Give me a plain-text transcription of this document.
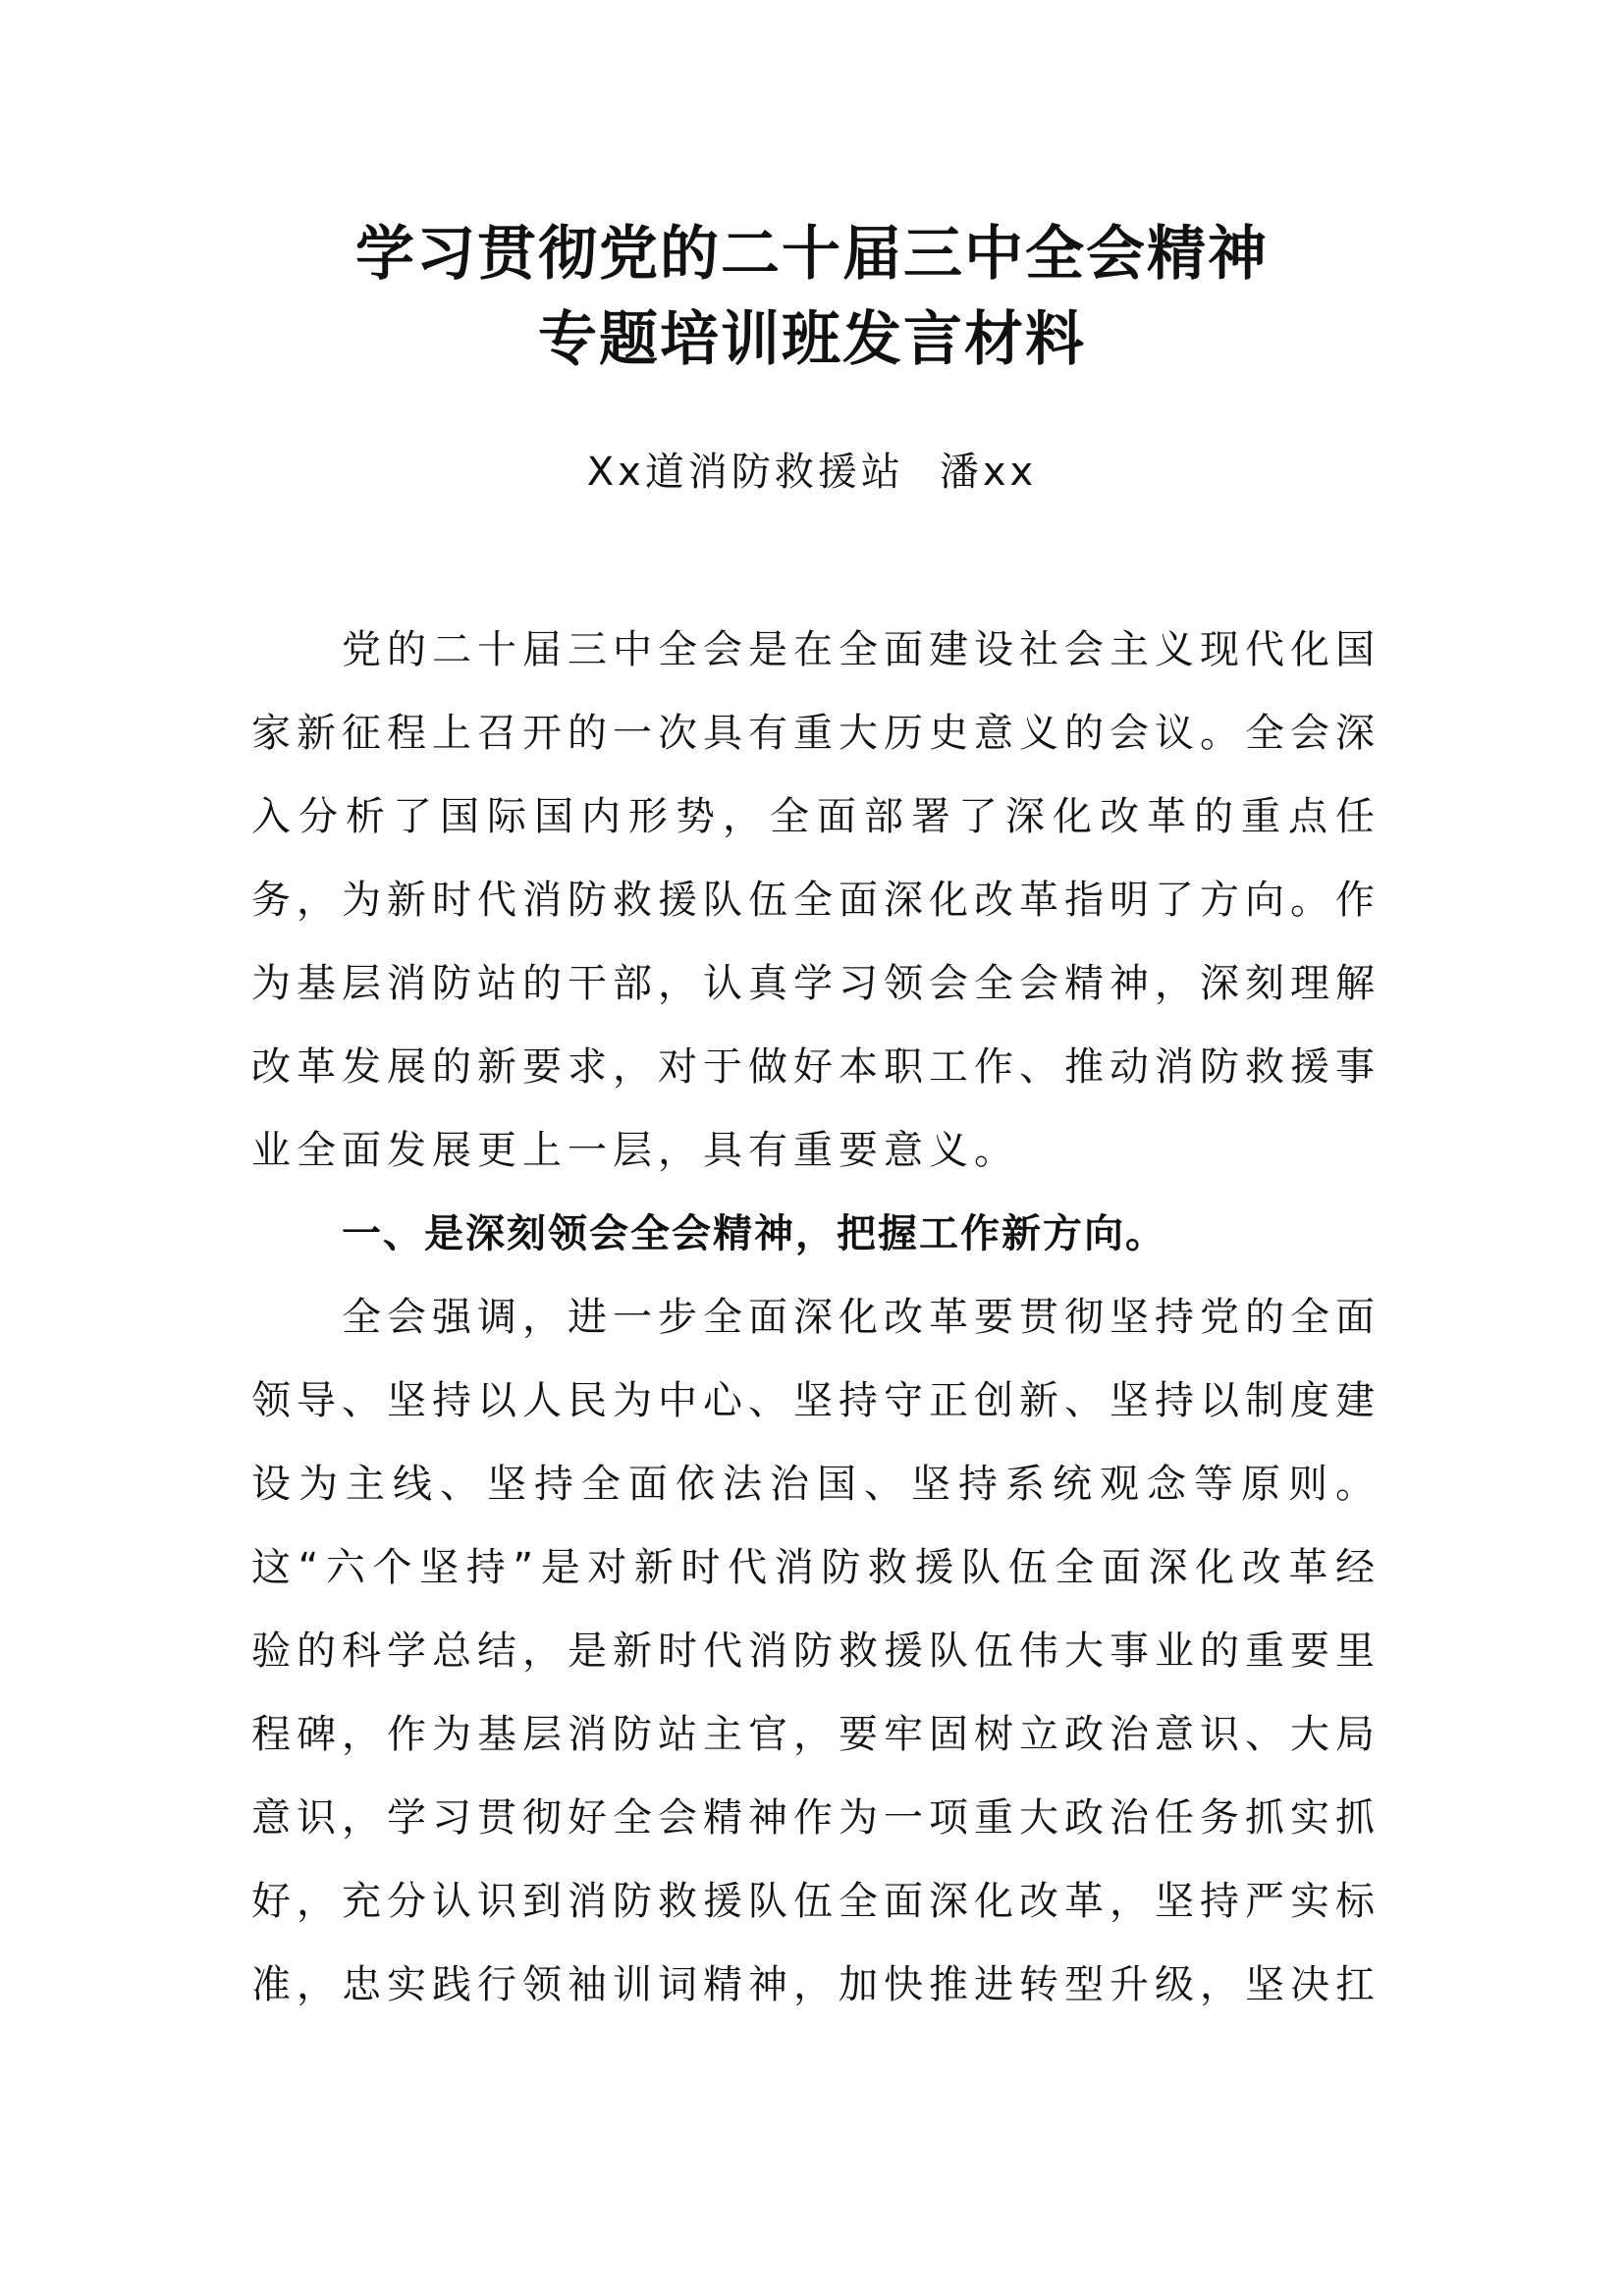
学习贯彻党的二十届三中全会精神
专题培训班发言材料
Xx道消防救援站 潘xx

党的二十届三中全会是在全面建设社会主义现代化国家新征程上召开的一次具有重大历史意义的会议。全会深入分析了国际国内形势，全面部署了深化改革的重点任务，为新时代消防救援队伍全面深化改革指明了方向。作为基层消防站的干部，认真学习领会全会精神，深刻理解改革发展的新要求，对于做好本职工作、推动消防救援事业全面发展更上一层，具有重要意义。

一、是深刻领会全会精神，把握工作新方向。

全会强调，进一步全面深化改革要贯彻坚持党的全面领导、坚持以人民为中心、坚持守正创新、坚持以制度建设为主线、坚持全面依法治国、坚持系统观念等原则。这“六个坚持”是对新时代消防救援队伍全面深化改革经验的科学总结，是新时代消防救援队伍伟大事业的重要里程碑，作为基层消防站主官，要牢固树立政治意识、大局意识，学习贯彻好全会精神作为一项重大政治任务抓实抓好，充分认识到消防救援队伍全面深化改革，坚持严实标准，忠实践行领袖训词精神，加快推进转型升级，坚决扛
